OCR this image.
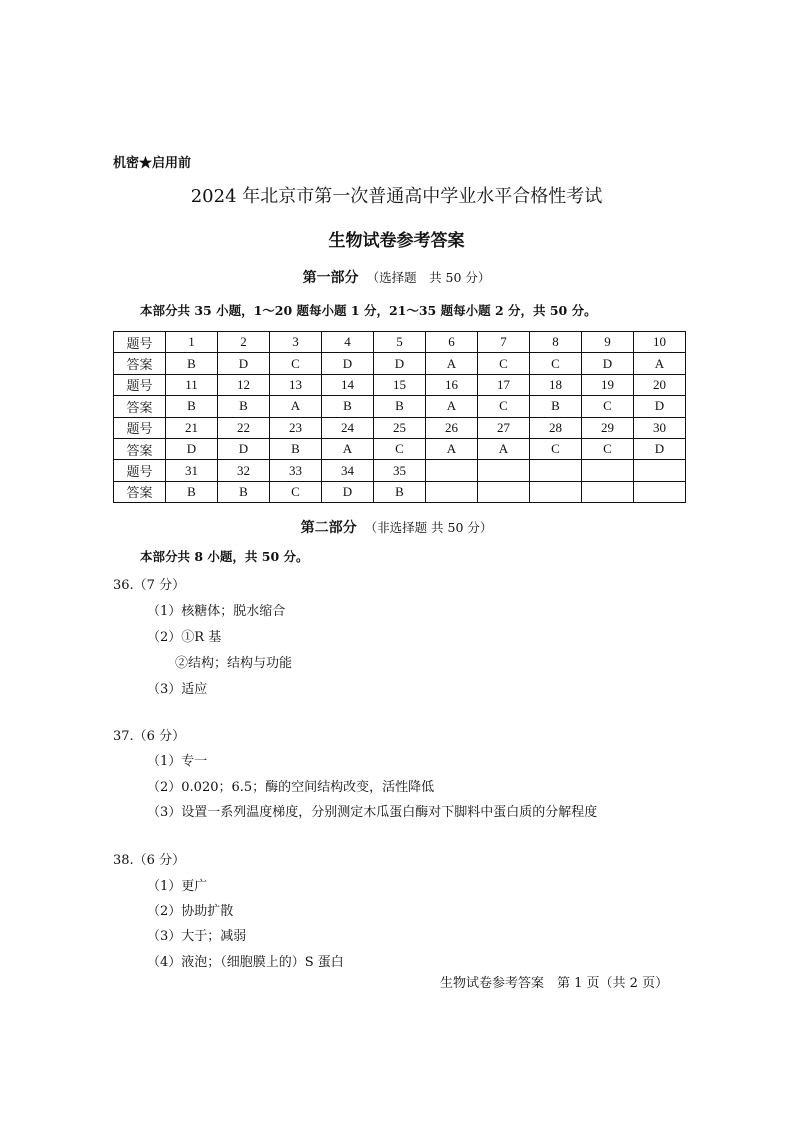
机密★启用前
2024 年北京市第一次普通高中学业水平合格性考试
生物试卷参考答案
第一部分 （选择题　共 50 分）
本部分共 35 小题，1～20 题每小题 1 分，21～35 题每小题 2 分，共 50 分。
题号	1	2	3	4	5	6	7	8	9	10
答案	B	D	C	D	D	A	C	C	D	A
题号	11	12	13	14	15	16	17	18	19	20
答案	B	B	A	B	B	A	C	B	C	D
题号	21	22	23	24	25	26	27	28	29	30
答案	D	D	B	A	C	A	A	C	C	D
题号	31	32	33	34	35					
答案	B	B	C	D	B					
第二部分 （非选择题 共 50 分）
本部分共 8 小题，共 50 分。
36.（7 分）
（1）核糖体；脱水缩合
（2）①R 基
②结构；结构与功能
（3）适应
37.（6 分）
（1）专一
（2）0.020；6.5；酶的空间结构改变，活性降低
（3）设置一系列温度梯度，分别测定木瓜蛋白酶对下脚料中蛋白质的分解程度
38.（6 分）
（1）更广
（2）协助扩散
（3）大于；减弱
（4）液泡；（细胞膜上的）S 蛋白
生物试卷参考答案　第 1 页（共 2 页）
